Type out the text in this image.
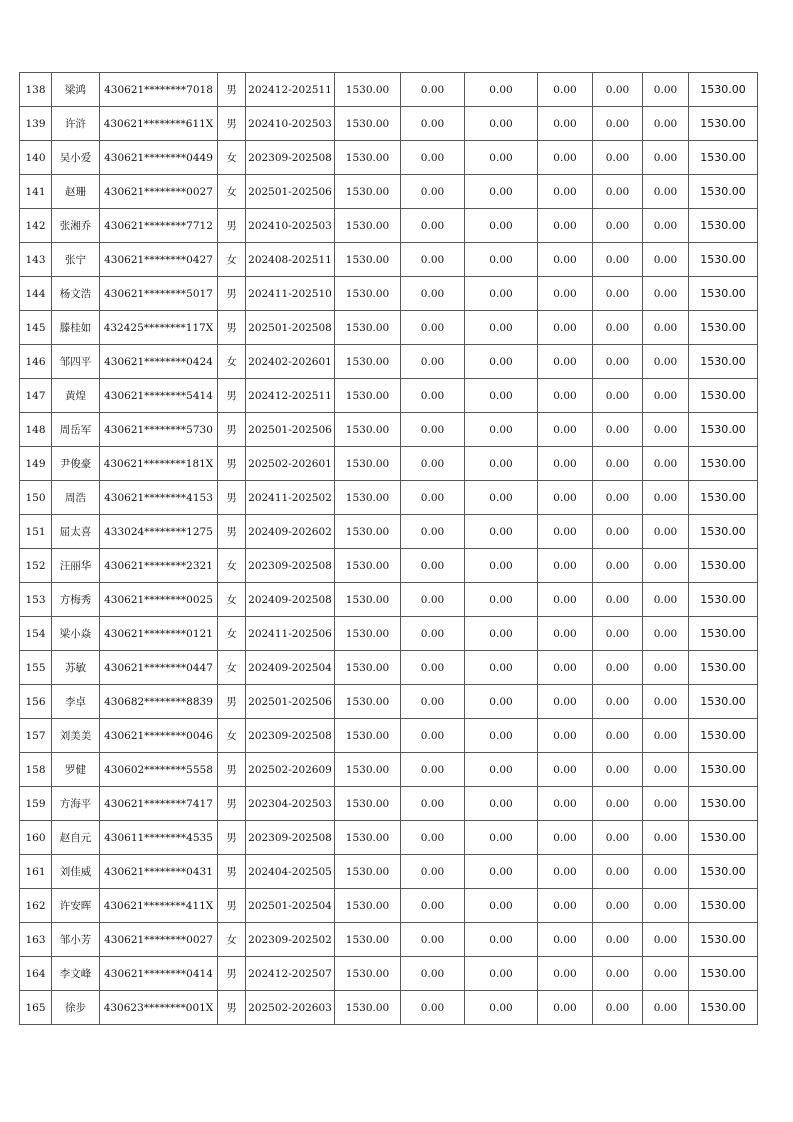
138	梁鸿	430621********7018	男	202412-202511	1530.00	0.00	0.00	0.00	0.00	0.00	1530.00
139	许浒	430621********611X	男	202410-202503	1530.00	0.00	0.00	0.00	0.00	0.00	1530.00
140	吴小爱	430621********0449	女	202309-202508	1530.00	0.00	0.00	0.00	0.00	0.00	1530.00
141	赵珊	430621********0027	女	202501-202506	1530.00	0.00	0.00	0.00	0.00	0.00	1530.00
142	张湘乔	430621********7712	男	202410-202503	1530.00	0.00	0.00	0.00	0.00	0.00	1530.00
143	张宁	430621********0427	女	202408-202511	1530.00	0.00	0.00	0.00	0.00	0.00	1530.00
144	杨文浩	430621********5017	男	202411-202510	1530.00	0.00	0.00	0.00	0.00	0.00	1530.00
145	滕桂如	432425********117X	男	202501-202508	1530.00	0.00	0.00	0.00	0.00	0.00	1530.00
146	邹四平	430621********0424	女	202402-202601	1530.00	0.00	0.00	0.00	0.00	0.00	1530.00
147	黄煌	430621********5414	男	202412-202511	1530.00	0.00	0.00	0.00	0.00	0.00	1530.00
148	周岳军	430621********5730	男	202501-202506	1530.00	0.00	0.00	0.00	0.00	0.00	1530.00
149	尹俊豪	430621********181X	男	202502-202601	1530.00	0.00	0.00	0.00	0.00	0.00	1530.00
150	周浩	430621********4153	男	202411-202502	1530.00	0.00	0.00	0.00	0.00	0.00	1530.00
151	屈太喜	433024********1275	男	202409-202602	1530.00	0.00	0.00	0.00	0.00	0.00	1530.00
152	汪丽华	430621********2321	女	202309-202508	1530.00	0.00	0.00	0.00	0.00	0.00	1530.00
153	方梅秀	430621********0025	女	202409-202508	1530.00	0.00	0.00	0.00	0.00	0.00	1530.00
154	梁小焱	430621********0121	女	202411-202506	1530.00	0.00	0.00	0.00	0.00	0.00	1530.00
155	苏敏	430621********0447	女	202409-202504	1530.00	0.00	0.00	0.00	0.00	0.00	1530.00
156	李卓	430682********8839	男	202501-202506	1530.00	0.00	0.00	0.00	0.00	0.00	1530.00
157	刘美美	430621********0046	女	202309-202508	1530.00	0.00	0.00	0.00	0.00	0.00	1530.00
158	罗健	430602********5558	男	202502-202609	1530.00	0.00	0.00	0.00	0.00	0.00	1530.00
159	方海平	430621********7417	男	202304-202503	1530.00	0.00	0.00	0.00	0.00	0.00	1530.00
160	赵自元	430611********4535	男	202309-202508	1530.00	0.00	0.00	0.00	0.00	0.00	1530.00
161	刘佳威	430621********0431	男	202404-202505	1530.00	0.00	0.00	0.00	0.00	0.00	1530.00
162	许安晖	430621********411X	男	202501-202504	1530.00	0.00	0.00	0.00	0.00	0.00	1530.00
163	邹小芳	430621********0027	女	202309-202502	1530.00	0.00	0.00	0.00	0.00	0.00	1530.00
164	李文峰	430621********0414	男	202412-202507	1530.00	0.00	0.00	0.00	0.00	0.00	1530.00
165	徐步	430623********001X	男	202502-202603	1530.00	0.00	0.00	0.00	0.00	0.00	1530.00
